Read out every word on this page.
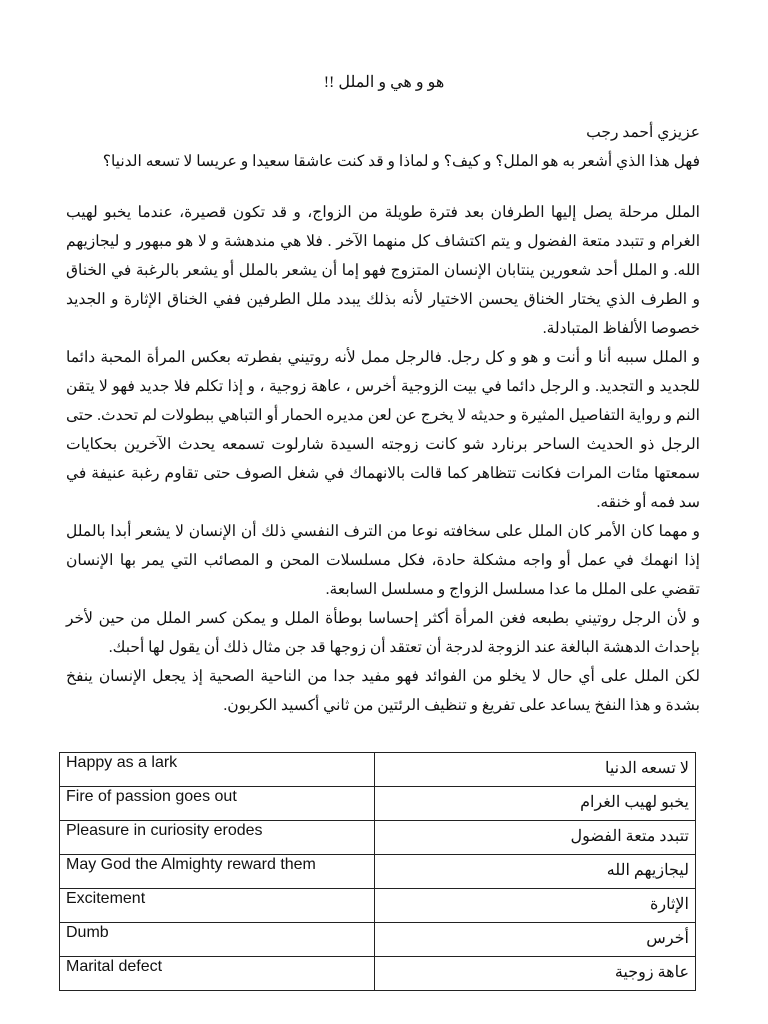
هو و هي و الملل !!

عزيزي أحمد رجب

فهل هذا الذي أشعر به هو الملل؟ و كيف؟ و لماذا و قد كنت عاشقا سعيدا و عريسا لا تسعه الدنيا؟

الملل مرحلة يصل إليها الطرفان بعد فترة طويلة من الزواج، و قد تكون قصيرة، عندما يخبو لهيب الغرام و تتبدد متعة الفضول و يتم اكتشاف كل منهما الآخر . فلا هي مندهشة و لا هو مبهور و ليجازيهم الله. و الملل أحد شعورين ينتابان الإنسان المتزوج فهو إما أن يشعر بالملل أو يشعر بالرغبة في الخناق و الطرف الذي يختار الخناق يحسن الاختيار لأنه بذلك يبدد ملل الطرفين ففي الخناق الإثارة و الجديد خصوصا الألفاظ المتبادلة.

و الملل سببه أنا و أنت و هو و كل رجل. فالرجل ممل لأنه روتيني بفطرته بعكس المرأة المحبة دائما للجديد و التجديد. و الرجل دائما في بيت الزوجية أخرس ، عاهة زوجية ، و إذا تكلم فلا جديد فهو لا يتقن النم و رواية التفاصيل المثيرة و حديثه لا يخرج عن لعن مديره الحمار أو التباهي ببطولات لم تحدث. حتى الرجل ذو الحديث الساحر برنارد شو كانت زوجته السيدة شارلوت تسمعه يحدث الآخرين بحكايات سمعتها مئات المرات فكانت تتظاهر كما قالت بالانهماك في شغل الصوف حتى تقاوم رغبة عنيفة في سد فمه أو خنقه.

و مهما كان الأمر كان الملل على سخافته نوعا من الترف النفسي ذلك أن الإنسان لا يشعر أبدا بالملل إذا انهمك في عمل أو واجه مشكلة حادة، فكل مسلسلات المحن و المصائب التي يمر بها الإنسان تقضي على الملل ما عدا مسلسل الزواج و مسلسل السابعة.

و لأن الرجل روتيني بطبعه فغن المرأة أكثر إحساسا بوطأة الملل و يمكن كسر الملل من حين لأخر بإحداث الدهشة البالغة عند الزوجة لدرجة أن تعتقد أن زوجها قد جن مثال ذلك أن يقول لها أحبك.

لكن الملل على أي حال لا يخلو من الفوائد فهو مفيد جدا من الناحية الصحية إذ يجعل الإنسان ينفخ بشدة و هذا النفخ يساعد على تفريغ و تنظيف الرئتين من ثاني أكسيد الكربون.

Happy as a lark	لا تسعه الدنيا
Fire of passion goes out	يخبو لهيب الغرام
Pleasure in curiosity erodes	تتبدد متعة الفضول
May God the Almighty reward them	ليجازيهم الله
Excitement	الإثارة
Dumb	أخرس
Marital defect	عاهة زوجية
